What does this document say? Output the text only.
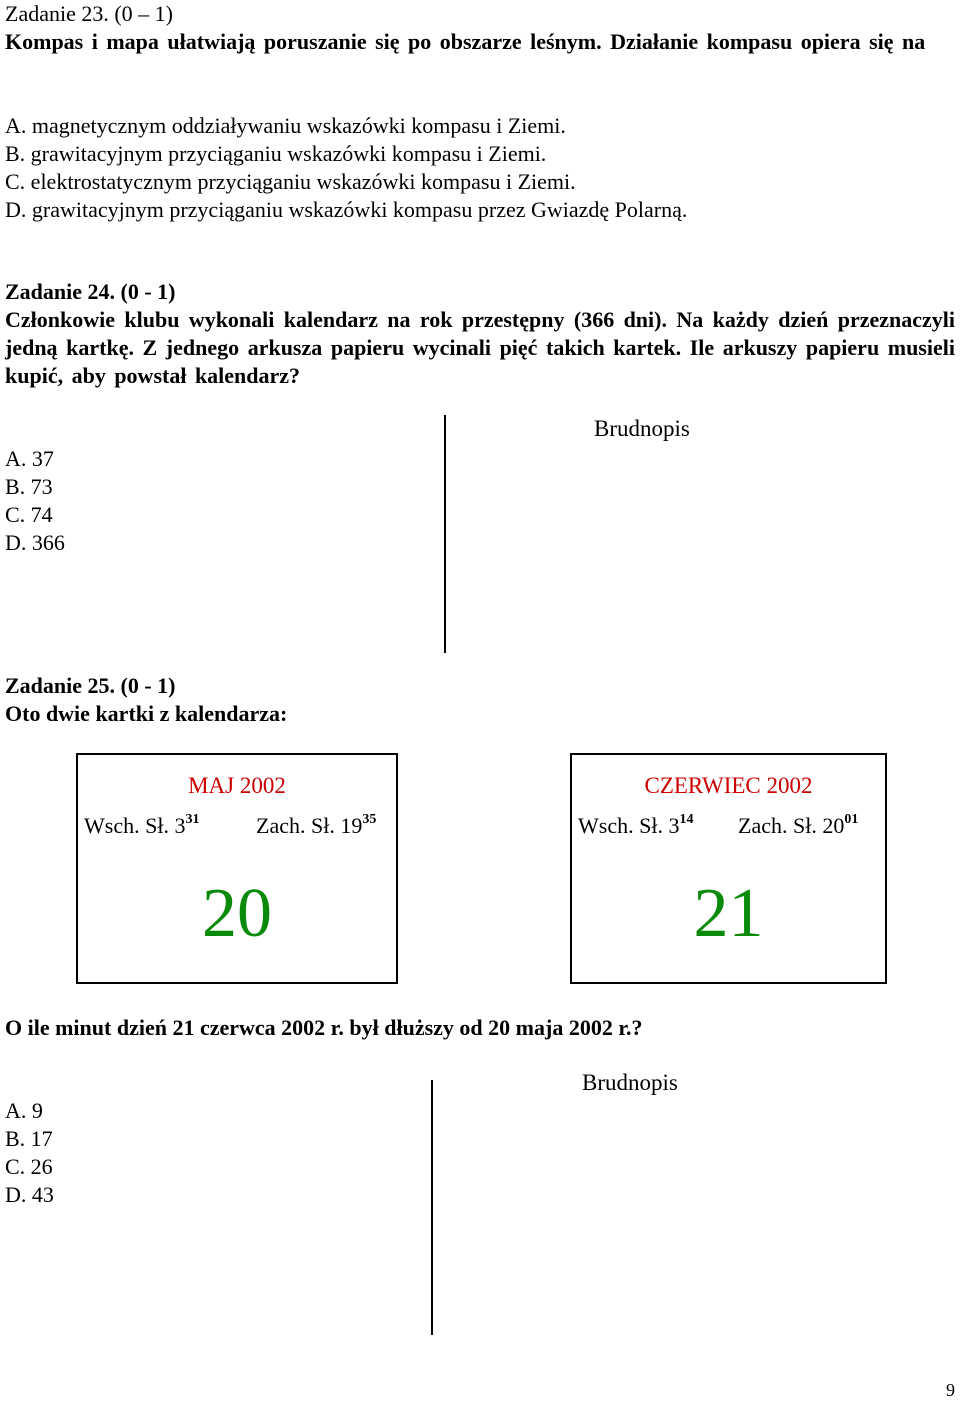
Zadanie 23. (0 – 1)
Kompas i mapa ułatwiają poruszanie się po obszarze leśnym. Działanie kompasu opiera się na
A. magnetycznym oddziaływaniu wskazówki kompasu i Ziemi.
B. grawitacyjnym przyciąganiu wskazówki kompasu i Ziemi.
C. elektrostatycznym przyciąganiu wskazówki kompasu i Ziemi.
D. grawitacyjnym przyciąganiu wskazówki kompasu przez Gwiazdę Polarną.
Zadanie 24. (0 - 1)
Członkowie klubu wykonali kalendarz na rok przestępny (366 dni). Na każdy dzień przeznaczyli jedną kartkę. Z jednego arkusza papieru wycinali pięć takich kartek. Ile arkuszy papieru musieli kupić, aby powstał kalendarz?
A. 37
B. 73
C. 74
D. 366
Brudnopis
Zadanie 25. (0 - 1)
Oto dwie kartki z kalendarza:
MAJ 2002
Wsch. Sł. $3^{31}$	Zach. Sł. $19^{35}$
20
CZERWIEC 2002
Wsch. Sł. $3^{14}$ Zach. Sł. $20^{01}$
21
O ile minut dzień 21 czerwca 2002 r. był dłuższy od 20 maja 2002 r.?
A. 9
B. 17
C. 26
D. 43
Brudnopis
9
